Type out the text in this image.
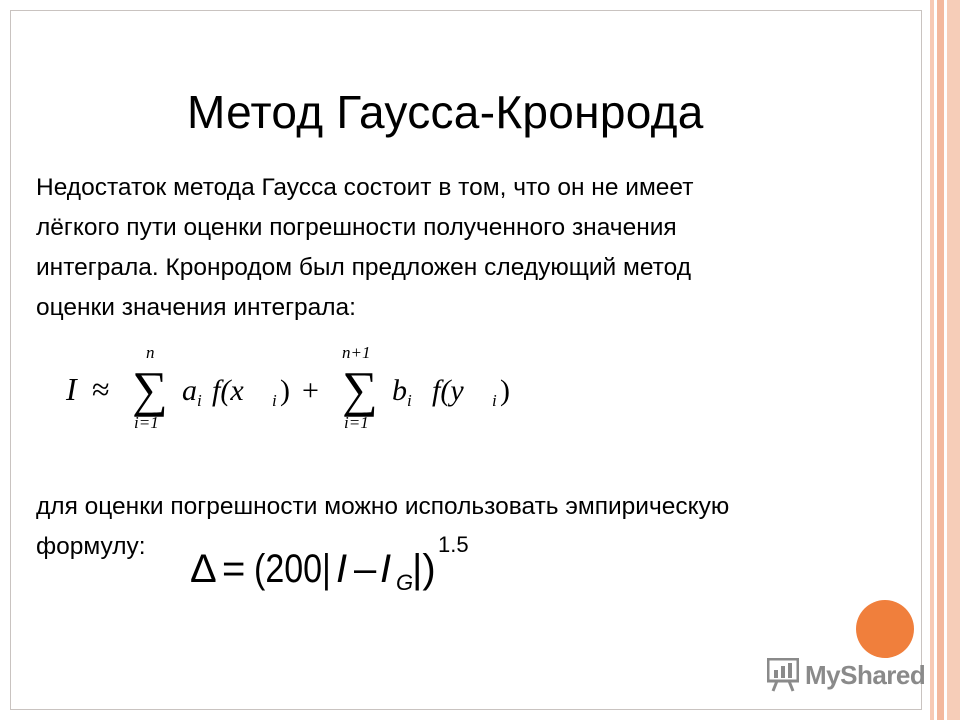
Метод Гаусса-Кронрода
Недостаток метода Гаусса состоит в том, что он не имеет
лёгкого пути оценки погрешности полученного значения
интеграла. Кронродом был предложен следующий метод
оценки значения интеграла:
I ≈
n
∑
i=1
a i f(x i ) +
n+1
∑
i=1
b i f(y i )
для оценки погрешности можно использовать эмпирическую
формулу:
Δ = (200| I – I G
|)
1.5
MyShared
